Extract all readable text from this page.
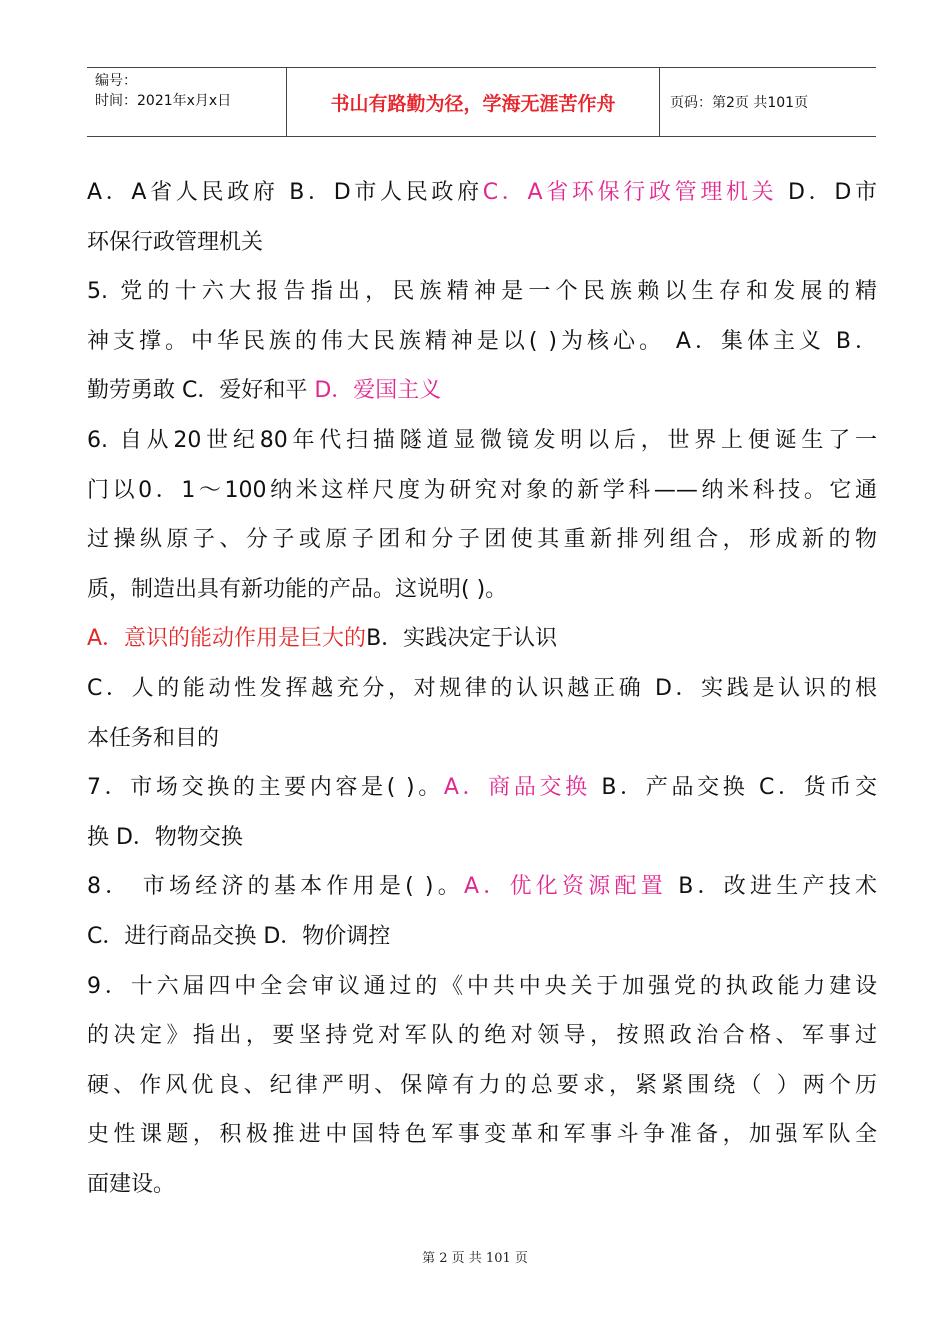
编号：
时间：2021年x月x日	书山有路勤为径，学海无涯苦作舟	页码：第2页 共101页
A．A省人民政府 B．D市人民政府C．A省环保行政管理机关 D．D市
环保行政管理机关
5. 党的十六大报告指出，民族精神是一个民族赖以生存和发展的精
神支撑。中华民族的伟大民族精神是以( )为核心。 A．集体主义 B．
勤劳勇敢 C．爱好和平 D．爱国主义
6. 自从20世纪80年代扫描隧道显微镜发明以后，世界上便诞生了一
门以0．1～100纳米这样尺度为研究对象的新学科——纳米科技。它通
过操纵原子、分子或原子团和分子团使其重新排列组合，形成新的物
质，制造出具有新功能的产品。这说明( )。
A．意识的能动作用是巨大的B．实践决定于认识
C．人的能动性发挥越充分，对规律的认识越正确 D．实践是认识的根
本任务和目的
7．市场交换的主要内容是( )。A．商品交换 B．产品交换 C．货币交
换 D．物物交换
8． 市场经济的基本作用是( )。A．优化资源配置 B．改进生产技术
C．进行商品交换 D．物价调控
9．十六届四中全会审议通过的《中共中央关于加强党的执政能力建设
的决定》指出，要坚持党对军队的绝对领导，按照政治合格、军事过
硬、作风优良、纪律严明、保障有力的总要求，紧紧围绕（ ）两个历
史性课题，积极推进中国特色军事变革和军事斗争准备，加强军队全
面建设。
第 2 页 共 101 页
